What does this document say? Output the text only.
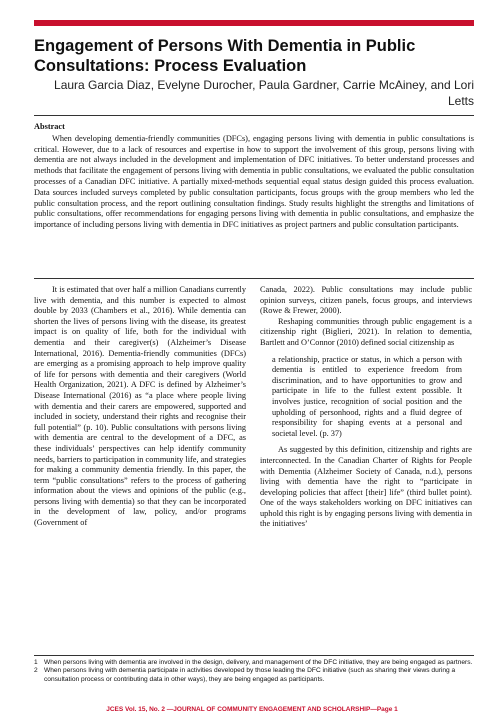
Engagement of Persons With Dementia in Public Consultations: Process Evaluation
Laura Garcia Diaz, Evelyne Durocher, Paula Gardner, Carrie McAiney, and Lori Letts
Abstract
When developing dementia-friendly communities (DFCs), engaging persons living with dementia in public consultations is critical. However, due to a lack of resources and expertise in how to support the involvement of this group, persons living with dementia are not always included in the development and implementation of DFC initiatives. To better understand processes and methods that facilitate the engagement of persons living with dementia in public consultations, we evaluated the public consultation processes of a Canadian DFC initiative. A partially mixed-methods sequential equal status design guided this process evaluation. Data sources included surveys completed by public consultation participants, focus groups with the group members who led the public consultation process, and the report outlining consultation findings. Study results highlight the strengths and limitations of public consultations, offer recommendations for engaging persons living with dementia in public consultations, and emphasize the importance of including persons living with dementia in DFC initiatives as project partners and public consultation participants.

It is estimated that over half a million Canadians currently live with dementia, and this number is expected to almost double by 2033 (Chambers et al., 2016). While dementia can shorten the lives of persons living with the disease, its greatest impact is on quality of life, both for the individual with dementia and their caregiver(s) (Alzheimer’s Disease International, 2016). Dementia-friendly communities (DFCs) are emerging as a promising approach to help improve quality of life for persons with dementia and their caregivers (World Health Organization, 2021). A DFC is defined by Alzheimer’s Disease International (2016) as “a place where people living with dementia and their carers are empowered, supported and included in society, understand their rights and recognise their full potential” (p. 10). Public consultations with persons living with dementia are central to the development of a DFC, as these individuals’ perspectives can help identify community needs, barriers to participation in community life, and strategies for making a community dementia friendly. In this paper, the term “public consultations” refers to the process of gathering information about the views and opinions of the public (e.g., persons living with dementia) so that they can be incorporated in the development of law, policy, and/or programs (Government of

Canada, 2022). Public consultations may include public opinion surveys, citizen panels, focus groups, and interviews (Rowe & Frewer, 2000).

Reshaping communities through public engagement is a citizenship right (Biglieri, 2021). In relation to dementia, Bartlett and O’Connor (2010) defined social citizenship as

a relationship, practice or status, in which a person with dementia is entitled to experience freedom from discrimination, and to have opportunities to grow and participate in life to the fullest extent possible. It involves justice, recognition of social position and the upholding of personhood, rights and a fluid degree of responsibility for shaping events at a personal and societal level. (p. 37)

As suggested by this definition, citizenship and rights are interconnected. In the Canadian Charter of Rights for People with Dementia (Alzheimer Society of Canada, n.d.), persons living with dementia have the right to “participate in developing policies that affect [their] life” (third bullet point). One of the ways stakeholders working on DFC initiatives can uphold this right is by engaging persons living with dementia in the initiatives’

1 When persons living with dementia are involved in the design, delivery, and management of the DFC initiative, they are being engaged as partners.
2 When persons living with dementia participate in activities developed by those leading the DFC initiative (such as sharing their views during a consultation process or contributing data in other ways), they are being engaged as participants.
JCES Vol. 15, No. 2 —JOURNAL OF COMMUNITY ENGAGEMENT AND SCHOLARSHIP—Page 1
